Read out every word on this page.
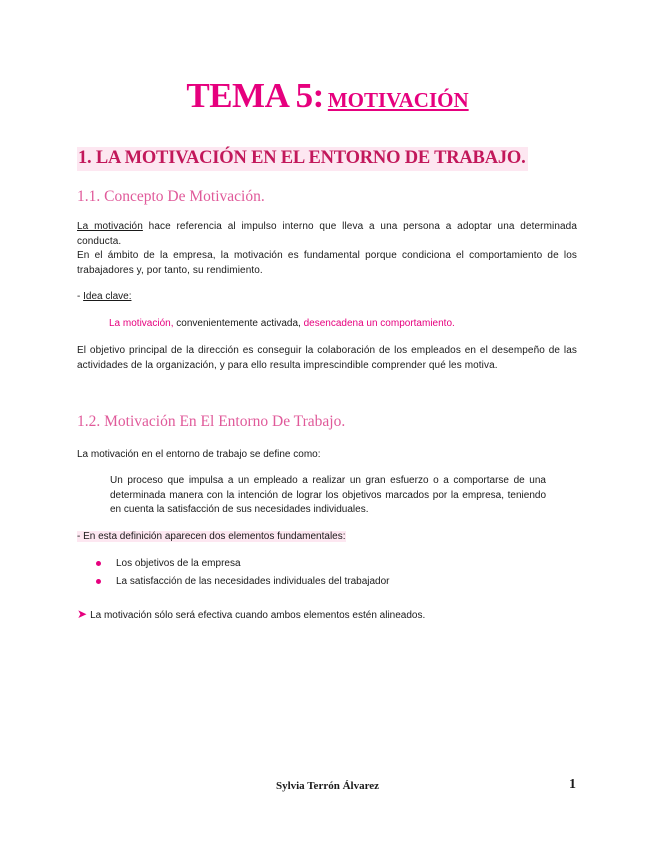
TEMA 5: MOTIVACIÓN
1. LA MOTIVACIÓN EN EL ENTORNO DE TRABAJO.
1.1. Concepto De Motivación.
La motivación hace referencia al impulso interno que lleva a una persona a adoptar una determinada conducta.
En el ámbito de la empresa, la motivación es fundamental porque condiciona el comportamiento de los trabajadores y, por tanto, su rendimiento.
- Idea clave:
La motivación, convenientemente activada, desencadena un comportamiento.
El objetivo principal de la dirección es conseguir la colaboración de los empleados en el desempeño de las actividades de la organización, y para ello resulta imprescindible comprender qué les motiva.
1.2. Motivación En El Entorno De Trabajo.
La motivación en el entorno de trabajo se define como:
Un proceso que impulsa a un empleado a realizar un gran esfuerzo o a comportarse de una determinada manera con la intención de lograr los objetivos marcados por la empresa, teniendo en cuenta la satisfacción de sus necesidades individuales.
- En esta definición aparecen dos elementos fundamentales:
Los objetivos de la empresa
La satisfacción de las necesidades individuales del trabajador
➤ La motivación sólo será efectiva cuando ambos elementos estén alineados.
Sylvia Terrón Álvarez	1
